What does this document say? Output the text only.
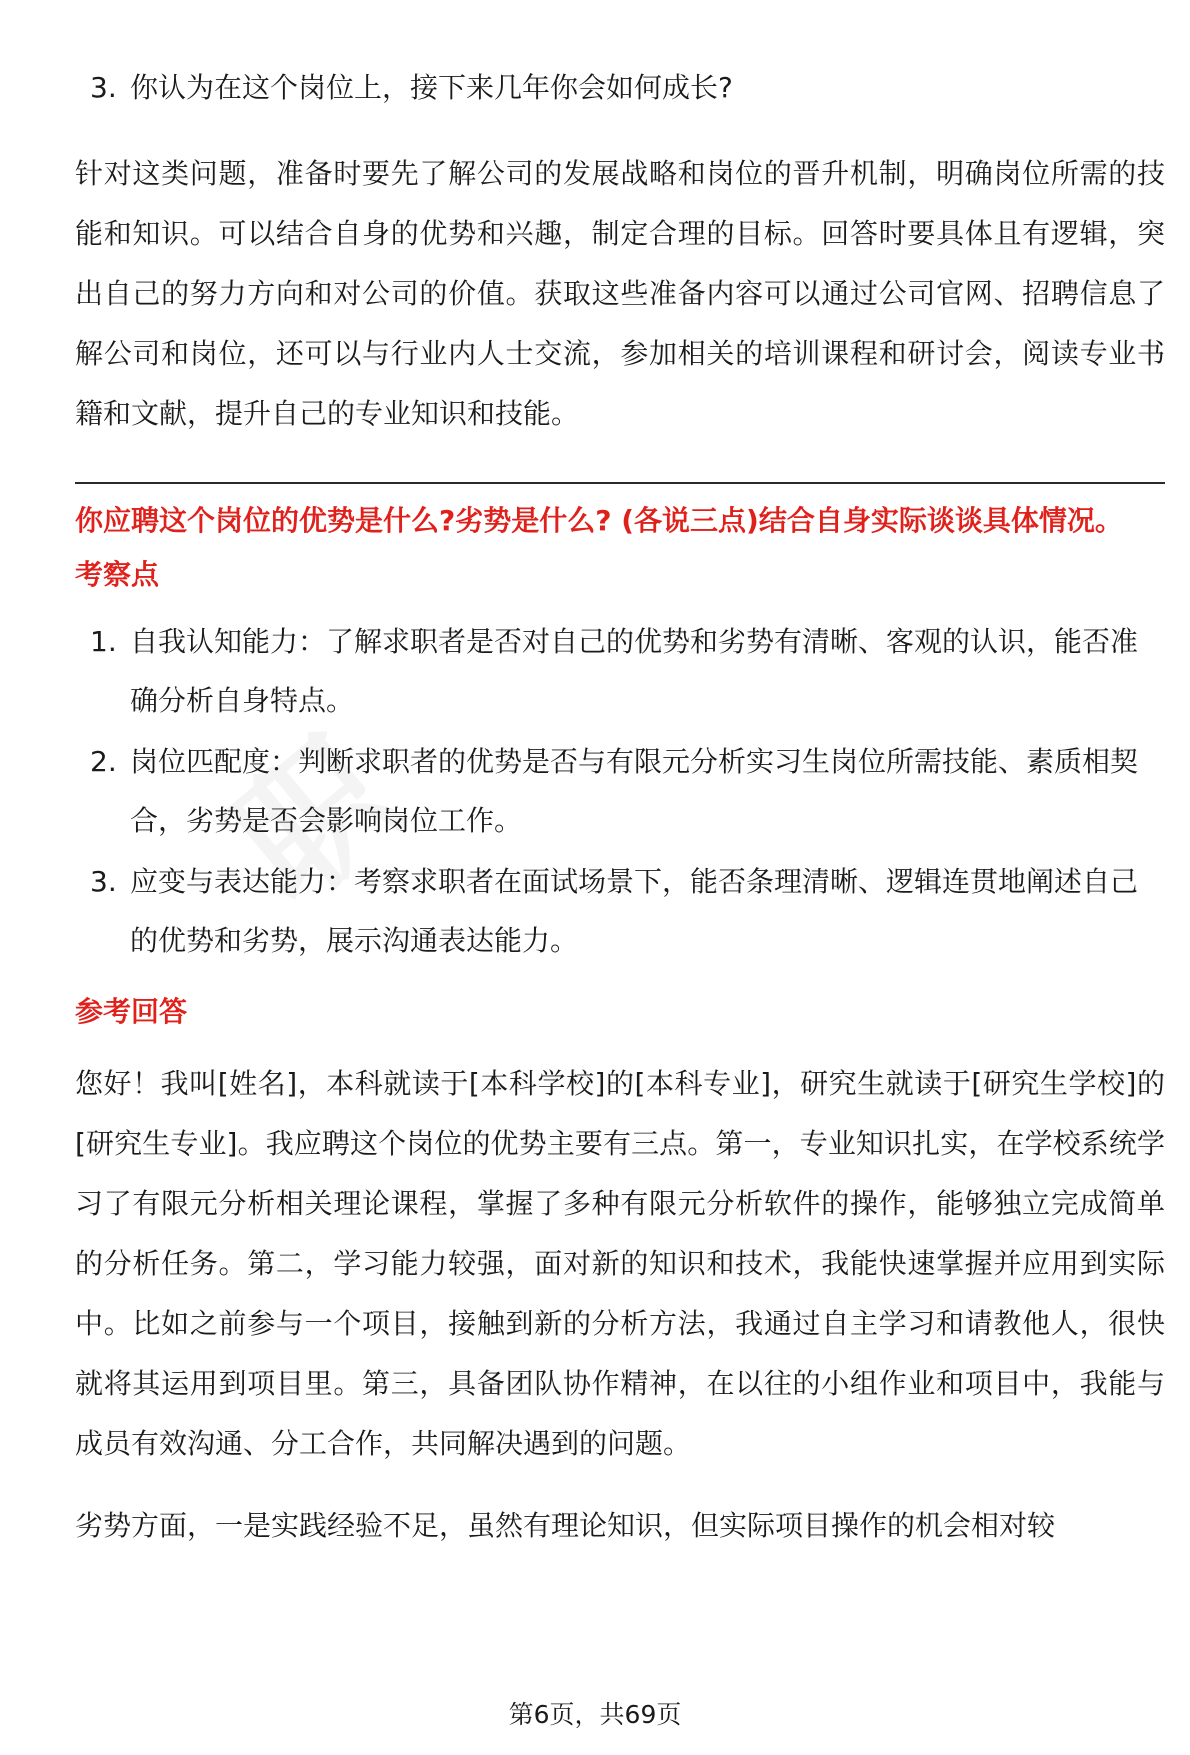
3. 你认为在这个岗位上，接下来几年你会如何成长?

针对这类问题，准备时要先了解公司的发展战略和岗位的晋升机制，明确岗位所需的技能和知识。可以结合自身的优势和兴趣，制定合理的目标。回答时要具体且有逻辑，突出自己的努力方向和对公司的价值。获取这些准备内容可以通过公司官网、招聘信息了解公司和岗位，还可以与行业内人士交流，参加相关的培训课程和研讨会，阅读专业书籍和文献，提升自己的专业知识和技能。

你应聘这个岗位的优势是什么?劣势是什么? (各说三点)结合自身实际谈谈具体情况。

考察点

1. 自我认知能力：了解求职者是否对自己的优势和劣势有清晰、客观的认识，能否准确分析自身特点。
2. 岗位匹配度：判断求职者的优势是否与有限元分析实习生岗位所需技能、素质相契合，劣势是否会影响岗位工作。
3. 应变与表达能力：考察求职者在面试场景下，能否条理清晰、逻辑连贯地阐述自己的优势和劣势，展示沟通表达能力。

参考回答

您好！我叫[姓名]，本科就读于[本科学校]的[本科专业]，研究生就读于[研究生学校]的[研究生专业]。我应聘这个岗位的优势主要有三点。第一，专业知识扎实，在学校系统学习了有限元分析相关理论课程，掌握了多种有限元分析软件的操作，能够独立完成简单的分析任务。第二，学习能力较强，面对新的知识和技术，我能快速掌握并应用到实际中。比如之前参与一个项目，接触到新的分析方法，我通过自主学习和请教他人，很快就将其运用到项目里。第三，具备团队协作精神，在以往的小组作业和项目中，我能与成员有效沟通、分工合作，共同解决遇到的问题。

劣势方面，一是实践经验不足，虽然有理论知识，但实际项目操作的机会相对较

第6页，共69页
